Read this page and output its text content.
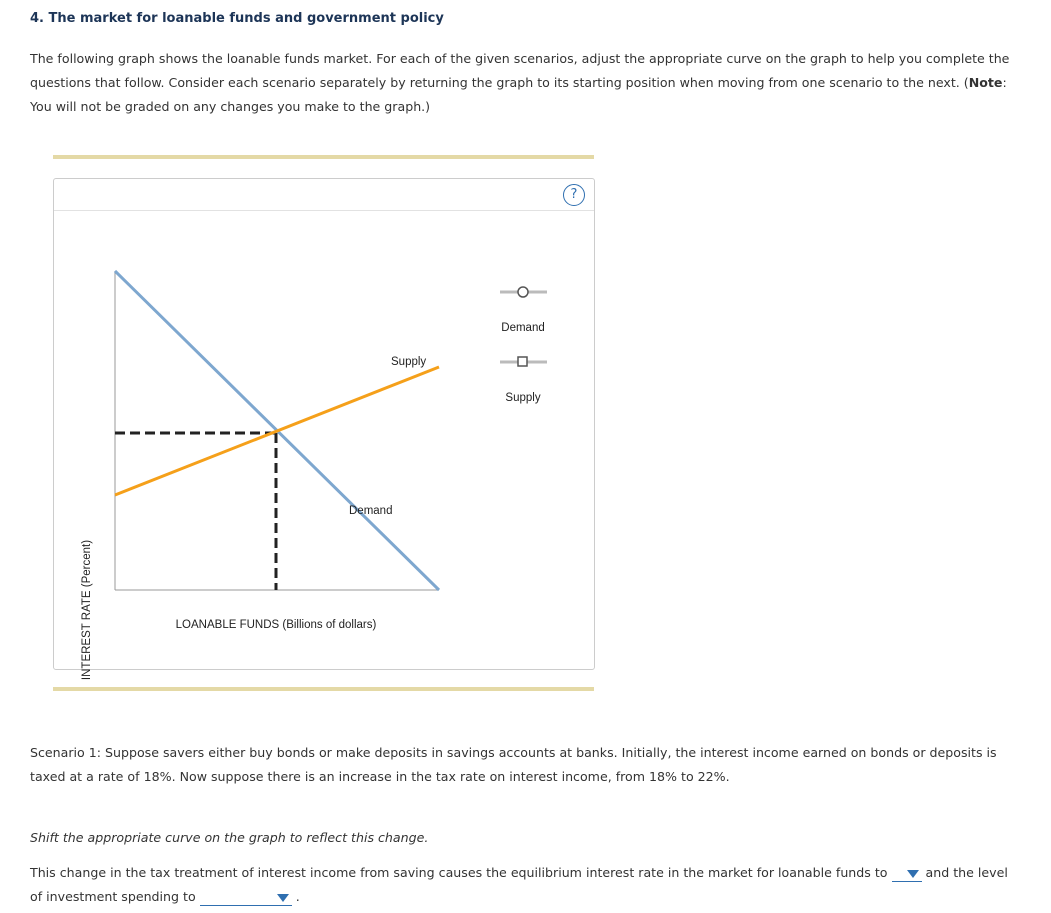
4. The market for loanable funds and government policy
The following graph shows the loanable funds market. For each of the given scenarios, adjust the appropriate curve on the graph to help you complete the questions that follow. Consider each scenario separately by returning the graph to its starting position when moving from one scenario to the next. (Note: You will not be graded on any changes you make to the graph.)
?
INTEREST RATE (Percent)
Supply
Demand
LOANABLE FUNDS (Billions of dollars)
Demand
Supply
Scenario 1: Suppose savers either buy bonds or make deposits in savings accounts at banks. Initially, the interest income earned on bonds or deposits is taxed at a rate of 18%. Now suppose there is an increase in the tax rate on interest income, from 18% to 22%.
Shift the appropriate curve on the graph to reflect this change.
This change in the tax treatment of interest income from saving causes the equilibrium interest rate in the market for loanable funds to	and the level of investment spending to	.
